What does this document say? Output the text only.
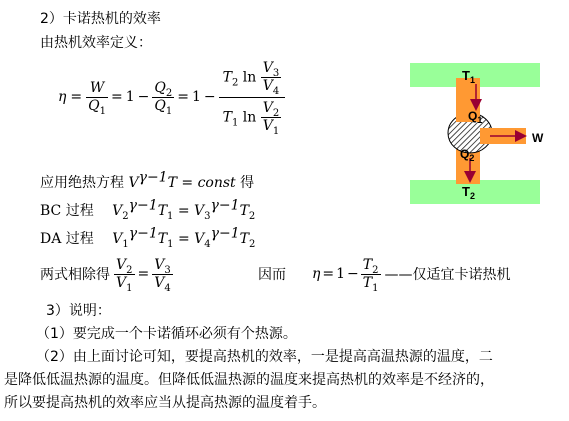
2）卡诺热机的效率
由热机效率定义：
$\eta = \frac{W}{Q_1} = 1 - \frac{Q_2}{Q_1} = 1 - \frac{T_2 \ln \frac{V_3}{V_4}}{T_1 \ln \frac{V_2}{V_1}}$
应用绝热方程 $V^{\gamma-1}T$ = const 得
BC 过程 $V_2^{\gamma-1}T_1 = V_3^{\gamma-1}T_2$
DA 过程 $V_1^{\gamma-1}T_1 = V_4^{\gamma-1}T_2$
两式相除得 $\frac{V_2}{V_1} = \frac{V_3}{V_4}$	因而 $\eta = 1 - \frac{T_2}{T_1}$ ——仅适宜卡诺热机
3）说明：
（1）要完成一个卡诺循环必须有个热源。
（2）由上面讨论可知，要提高热机的效率，一是提高高温热源的温度，二
是降低低温热源的温度。但降低低温热源的温度来提高热机的效率是不经济的，
所以要提高热机的效率应当从提高热源的温度着手。
$T_1$
$Q_1$
W
$Q_2$
$T_2$
